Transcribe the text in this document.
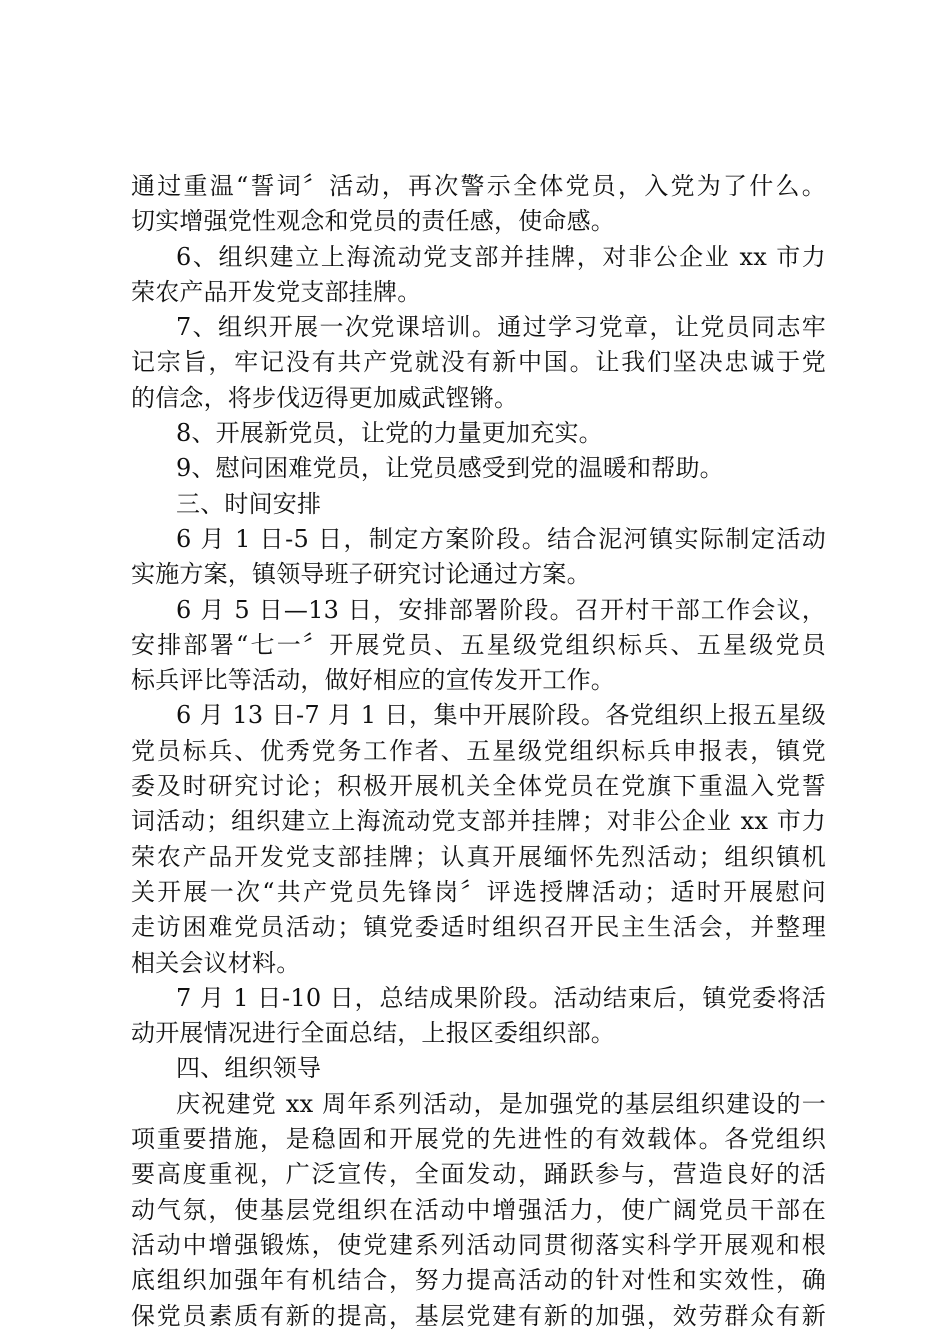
通过重温“誓词〞活动，再次警示全体党员，入党为了什么。
切实增强党性观念和党员的责任感，使命感。
6、组织建立上海流动党支部并挂牌，对非公企业 xx 市力
荣农产品开发党支部挂牌。
7、组织开展一次党课培训。通过学习党章，让党员同志牢
记宗旨，牢记没有共产党就没有新中国。让我们坚决忠诚于党
的信念，将步伐迈得更加威武铿锵。
8、开展新党员，让党的力量更加充实。
9、慰问困难党员，让党员感受到党的温暖和帮助。
三、时间安排
6 月 1 日-5 日，制定方案阶段。结合泥河镇实际制定活动
实施方案，镇领导班子研究讨论通过方案。
6 月 5 日—13 日，安排部署阶段。召开村干部工作会议，
安排部署“七一〞开展党员、五星级党组织标兵、五星级党员
标兵评比等活动，做好相应的宣传发开工作。
6 月 13 日-7 月 1 日，集中开展阶段。各党组织上报五星级
党员标兵、优秀党务工作者、五星级党组织标兵申报表，镇党
委及时研究讨论；积极开展机关全体党员在党旗下重温入党誓
词活动；组织建立上海流动党支部并挂牌；对非公企业 xx 市力
荣农产品开发党支部挂牌；认真开展缅怀先烈活动；组织镇机
关开展一次“共产党员先锋岗〞评选授牌活动；适时开展慰问
走访困难党员活动；镇党委适时组织召开民主生活会，并整理
相关会议材料。
7 月 1 日-10 日，总结成果阶段。活动结束后，镇党委将活
动开展情况进行全面总结，上报区委组织部。
四、组织领导
庆祝建党 xx 周年系列活动，是加强党的基层组织建设的一
项重要措施，是稳固和开展党的先进性的有效载体。各党组织
要高度重视，广泛宣传，全面发动，踊跃参与，营造良好的活
动气氛，使基层党组织在活动中增强活力，使广阔党员干部在
活动中增强锻炼，使党建系列活动同贯彻落实科学开展观和根
底组织加强年有机结合，努力提高活动的针对性和实效性，确
保党员素质有新的提高，基层党建有新的加强，效劳群众有新
